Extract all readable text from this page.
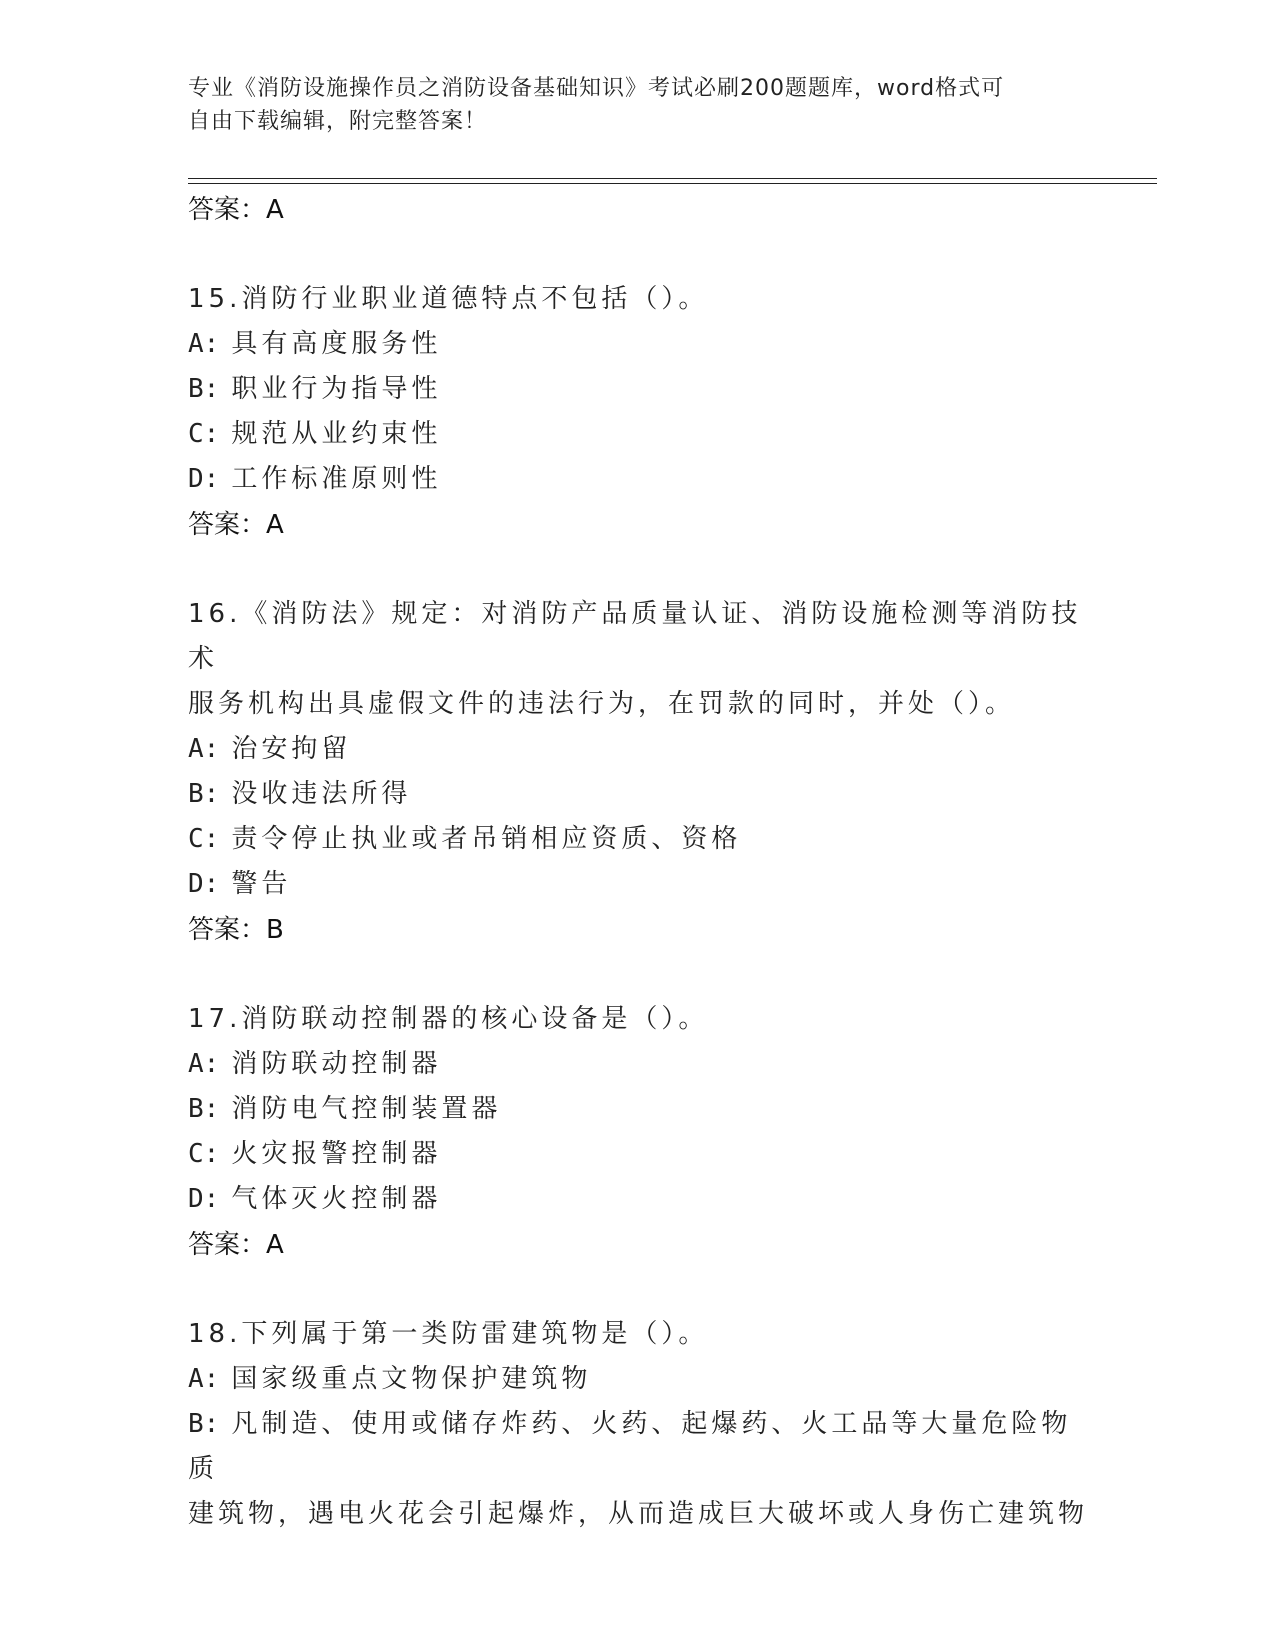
专业《消防设施操作员之消防设备基础知识》考试必刷200题题库，word格式可
自由下载编辑，附完整答案！
答案：A
15.消防行业职业道德特点不包括（）。
A: 具有高度服务性
B: 职业行为指导性
C: 规范从业约束性
D: 工作标准原则性
答案：A
16.《消防法》规定：对消防产品质量认证、消防设施检测等消防技术
服务机构出具虚假文件的违法行为，在罚款的同时，并处（）。
A: 治安拘留
B: 没收违法所得
C: 责令停止执业或者吊销相应资质、资格
D: 警告
答案：B
17.消防联动控制器的核心设备是（）。
A: 消防联动控制器
B: 消防电气控制装置器
C: 火灾报警控制器
D: 气体灭火控制器
答案：A
18.下列属于第一类防雷建筑物是（）。
A: 国家级重点文物保护建筑物
B: 凡制造、使用或储存炸药、火药、起爆药、火工品等大量危险物质
建筑物，遇电火花会引起爆炸，从而造成巨大破坏或人身伤亡建筑物
